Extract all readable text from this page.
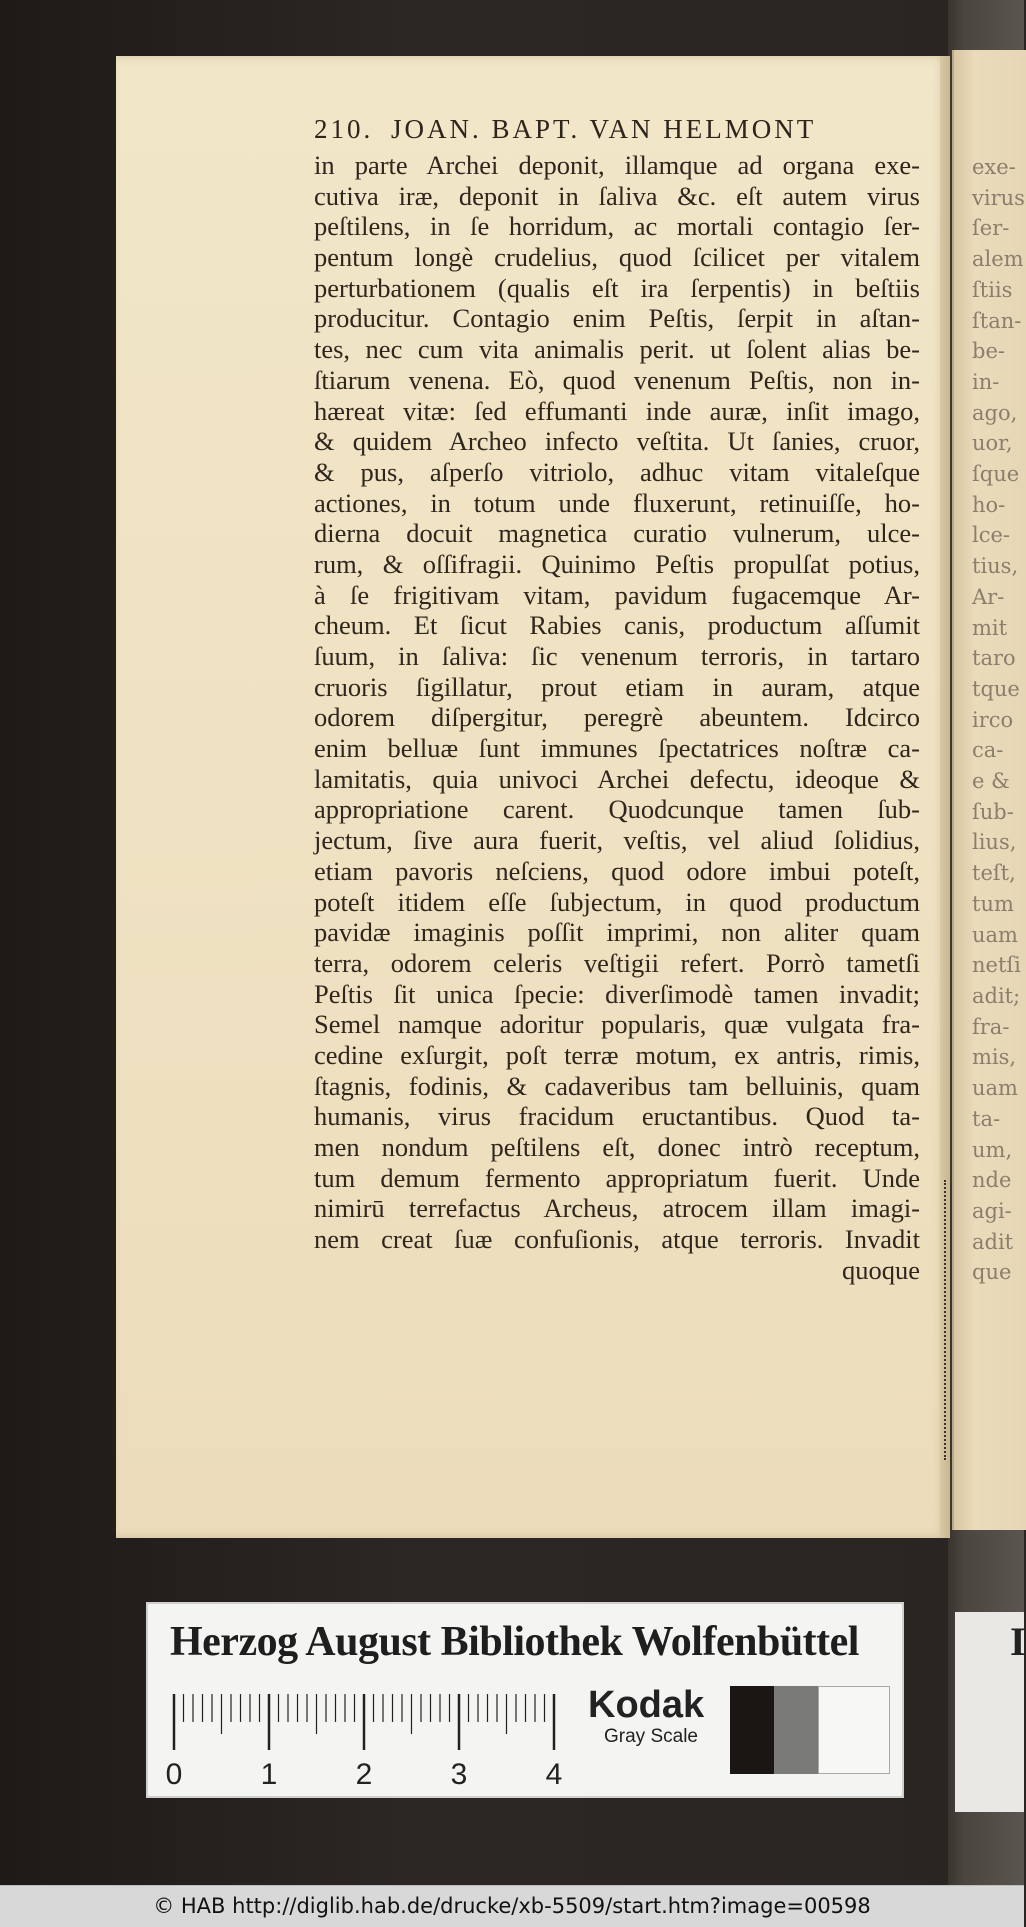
exe-
virus
ſer-
alem
ſtiis
ſtan-
be-
in-
ago,
uor,
ſque
ho-
lce-
tius,
Ar-
mit
taro
tque
irco
ca-
e &
ſub-
lius,
teſt,
tum
uam
netſi
adit;
fra-
mis,
uam
ta-
um,
nde
agi-
adit
que
I
210. JOAN. BAPT. VAN HELMONT
in parte Archei deponit, illamque ad organa exe-
cutiva iræ, deponit in ſaliva &c. eſt autem virus
peſtilens, in ſe horridum, ac mortali contagio ſer-
pentum longè crudelius, quod ſcilicet per vitalem
perturbationem (qualis eſt ira ſerpentis) in beſtiis
producitur. Contagio enim Peſtis, ſerpit in aſtan-
tes, nec cum vita animalis perit. ut ſolent alias be-
ſtiarum venena. Eò, quod venenum Peſtis, non in-
hæreat vitæ: ſed effumanti inde auræ, inſit imago,
& quidem Archeo infecto veſtita. Ut ſanies, cruor,
& pus, aſperſo vitriolo, adhuc vitam vitaleſque
actiones, in totum unde fluxerunt, retinuiſſe, ho-
dierna docuit magnetica curatio vulnerum, ulce-
rum, & oſſifragii. Quinimo Peſtis propulſat potius,
à ſe frigitivam vitam, pavidum fugacemque Ar-
cheum. Et ſicut Rabies canis, productum aſſumit
ſuum, in ſaliva: ſic venenum terroris, in tartaro
cruoris ſigillatur, prout etiam in auram, atque
odorem diſpergitur, peregrè abeuntem. Idcirco
enim belluæ ſunt immunes ſpectatrices noſtræ ca-
lamitatis, quia univoci Archei defectu, ideoque &
appropriatione carent. Quodcunque tamen ſub-
jectum, ſive aura fuerit, veſtis, vel aliud ſolidius,
etiam pavoris neſciens, quod odore imbui poteſt,
poteſt itidem eſſe ſubjectum, in quod productum
pavidæ imaginis poſſit imprimi, non aliter quam
terra, odorem celeris veſtigii refert. Porrò tametſi
Peſtis ſit unica ſpecie: diverſimodè tamen invadit;
Semel namque adoritur popularis, quæ vulgata fra-
cedine exſurgit, poſt terræ motum, ex antris, rimis,
ſtagnis, fodinis, & cadaveribus tam belluinis, quam
humanis, virus fracidum eructantibus. Quod ta-
men nondum peſtilens eſt, donec intrò receptum,
tum demum fermento appropriatum fuerit. Unde
nimirū terrefactus Archeus, atrocem illam imagi-
nem creat ſuæ confuſionis, atque terroris. Invadit
quoque
Herzog August Bibliothek Wolfenbüttel
0	1	2	3	4
Kodak
Gray Scale
© HAB http://diglib.hab.de/drucke/xb-5509/start.htm?image=00598
